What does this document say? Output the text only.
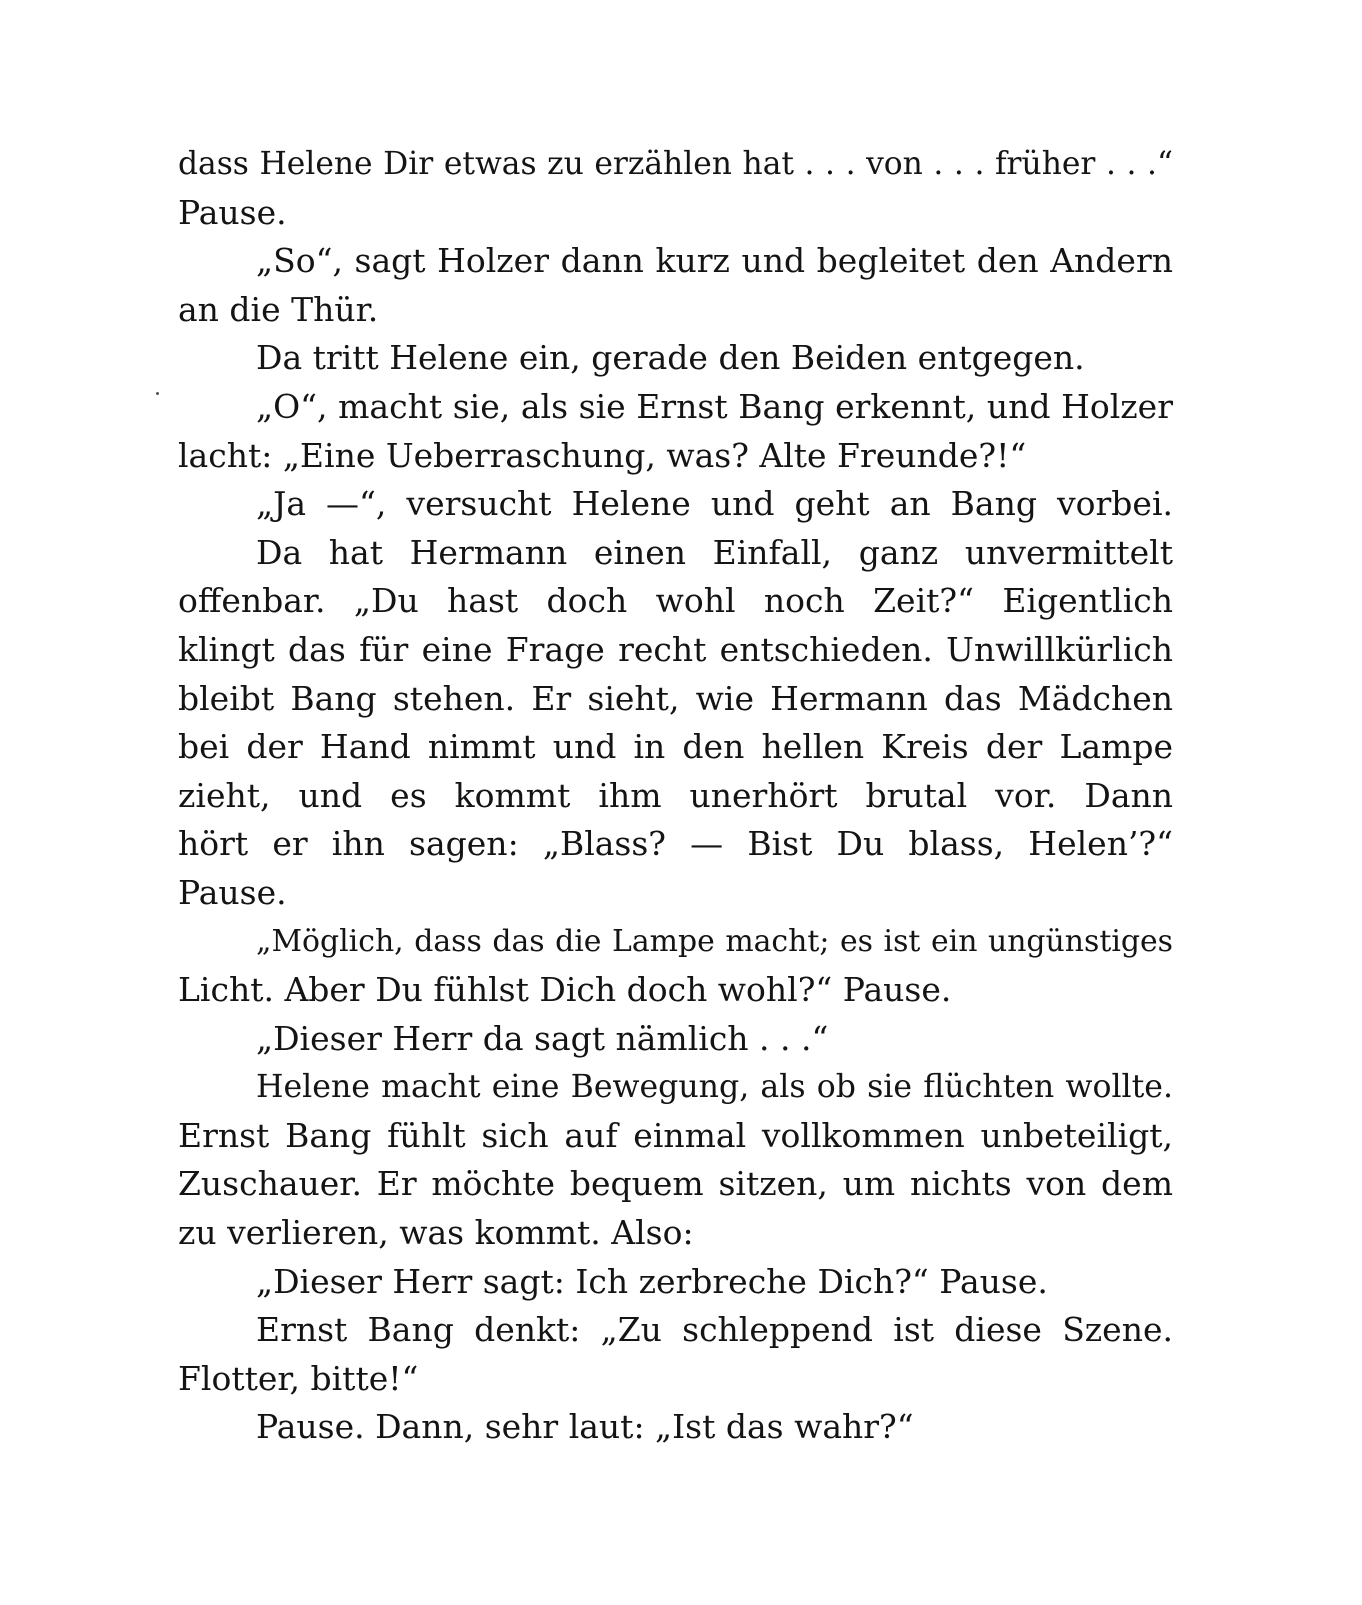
dass Helene Dir etwas zu erzählen hat . . . von . . . früher . . .“
Pause.
„So“, sagt Holzer dann kurz und begleitet den Andern
an die Thür.
Da tritt Helene ein, gerade den Beiden entgegen.
„O“, macht sie, als sie Ernst Bang erkennt, und Holzer
lacht: „Eine Ueberraschung, was? Alte Freunde?!“
„Ja —“, versucht Helene und geht an Bang vorbei.
Da hat Hermann einen Einfall, ganz unvermittelt
offenbar. „Du hast doch wohl noch Zeit?“ Eigentlich
klingt das für eine Frage recht entschieden. Unwillkürlich
bleibt Bang stehen. Er sieht, wie Hermann das Mädchen
bei der Hand nimmt und in den hellen Kreis der Lampe
zieht, und es kommt ihm unerhört brutal vor. Dann
hört er ihn sagen: „Blass? — Bist Du blass, Helen’?“
Pause.
„Möglich, dass das die Lampe macht; es ist ein ungünstiges
Licht. Aber Du fühlst Dich doch wohl?“ Pause.
„Dieser Herr da sagt nämlich . . .“
Helene macht eine Bewegung, als ob sie flüchten wollte.
Ernst Bang fühlt sich auf einmal vollkommen unbeteiligt,
Zuschauer. Er möchte bequem sitzen, um nichts von dem
zu verlieren, was kommt. Also:
„Dieser Herr sagt: Ich zerbreche Dich?“ Pause.
Ernst Bang denkt: „Zu schleppend ist diese Szene.
Flotter, bitte!“
Pause. Dann, sehr laut: „Ist das wahr?“
